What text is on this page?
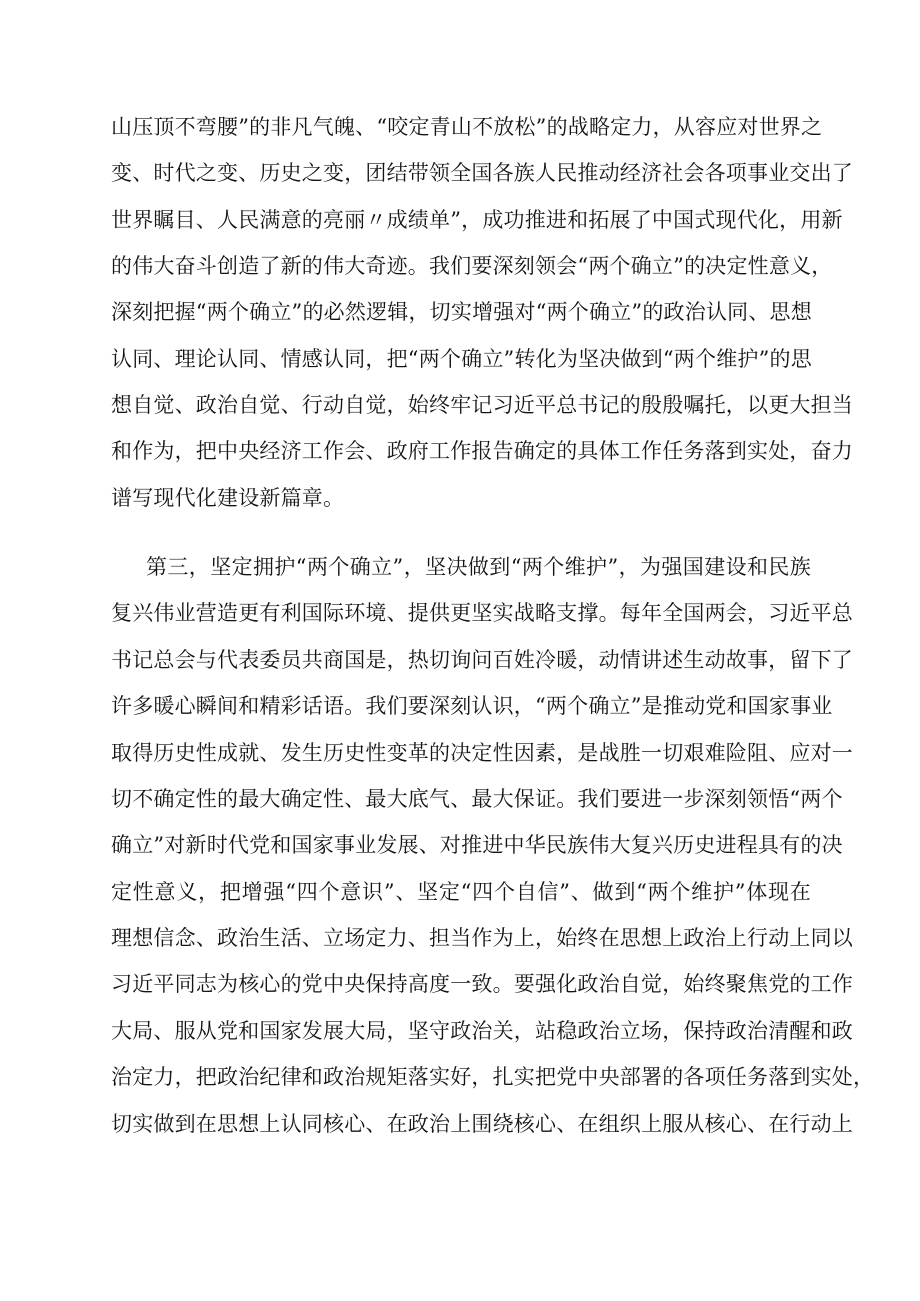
山压顶不弯腰”的非凡气魄、“咬定青山不放松”的战略定力，从容应对世界之

变、时代之变、历史之变，团结带领全国各族人民推动经济社会各项事业交出了

世界瞩目、人民满意的亮丽〃成绩单”，成功推进和拓展了中国式现代化，用新

的伟大奋斗创造了新的伟大奇迹。我们要深刻领会“两个确立”的决定性意义，

深刻把握“两个确立”的必然逻辑，切实增强对“两个确立”的政治认同、思想

认同、理论认同、情感认同，把“两个确立”转化为坚决做到“两个维护”的思

想自觉、政治自觉、行动自觉，始终牢记习近平总书记的殷殷嘱托，以更大担当

和作为，把中央经济工作会、政府工作报告确定的具体工作任务落到实处，奋力

谱写现代化建设新篇章。

第三，坚定拥护“两个确立”，坚决做到“两个维护”，为强国建设和民族

复兴伟业营造更有利国际环境、提供更坚实战略支撑。每年全国两会，习近平总

书记总会与代表委员共商国是，热切询问百姓冷暖，动情讲述生动故事，留下了

许多暖心瞬间和精彩话语。我们要深刻认识，“两个确立”是推动党和国家事业

取得历史性成就、发生历史性变革的决定性因素，是战胜一切艰难险阻、应对一

切不确定性的最大确定性、最大底气、最大保证。我们要进一步深刻领悟“两个

确立”对新时代党和国家事业发展、对推进中华民族伟大复兴历史进程具有的决

定性意义，把增强“四个意识”、坚定“四个自信”、做到“两个维护”体现在

理想信念、政治生活、立场定力、担当作为上，始终在思想上政治上行动上同以

习近平同志为核心的党中央保持高度一致。要强化政治自觉，始终聚焦党的工作

大局、服从党和国家发展大局，坚守政治关，站稳政治立场，保持政治清醒和政

治定力，把政治纪律和政治规矩落实好，扎实把党中央部署的各项任务落到实处，

切实做到在思想上认同核心、在政治上围绕核心、在组织上服从核心、在行动上
